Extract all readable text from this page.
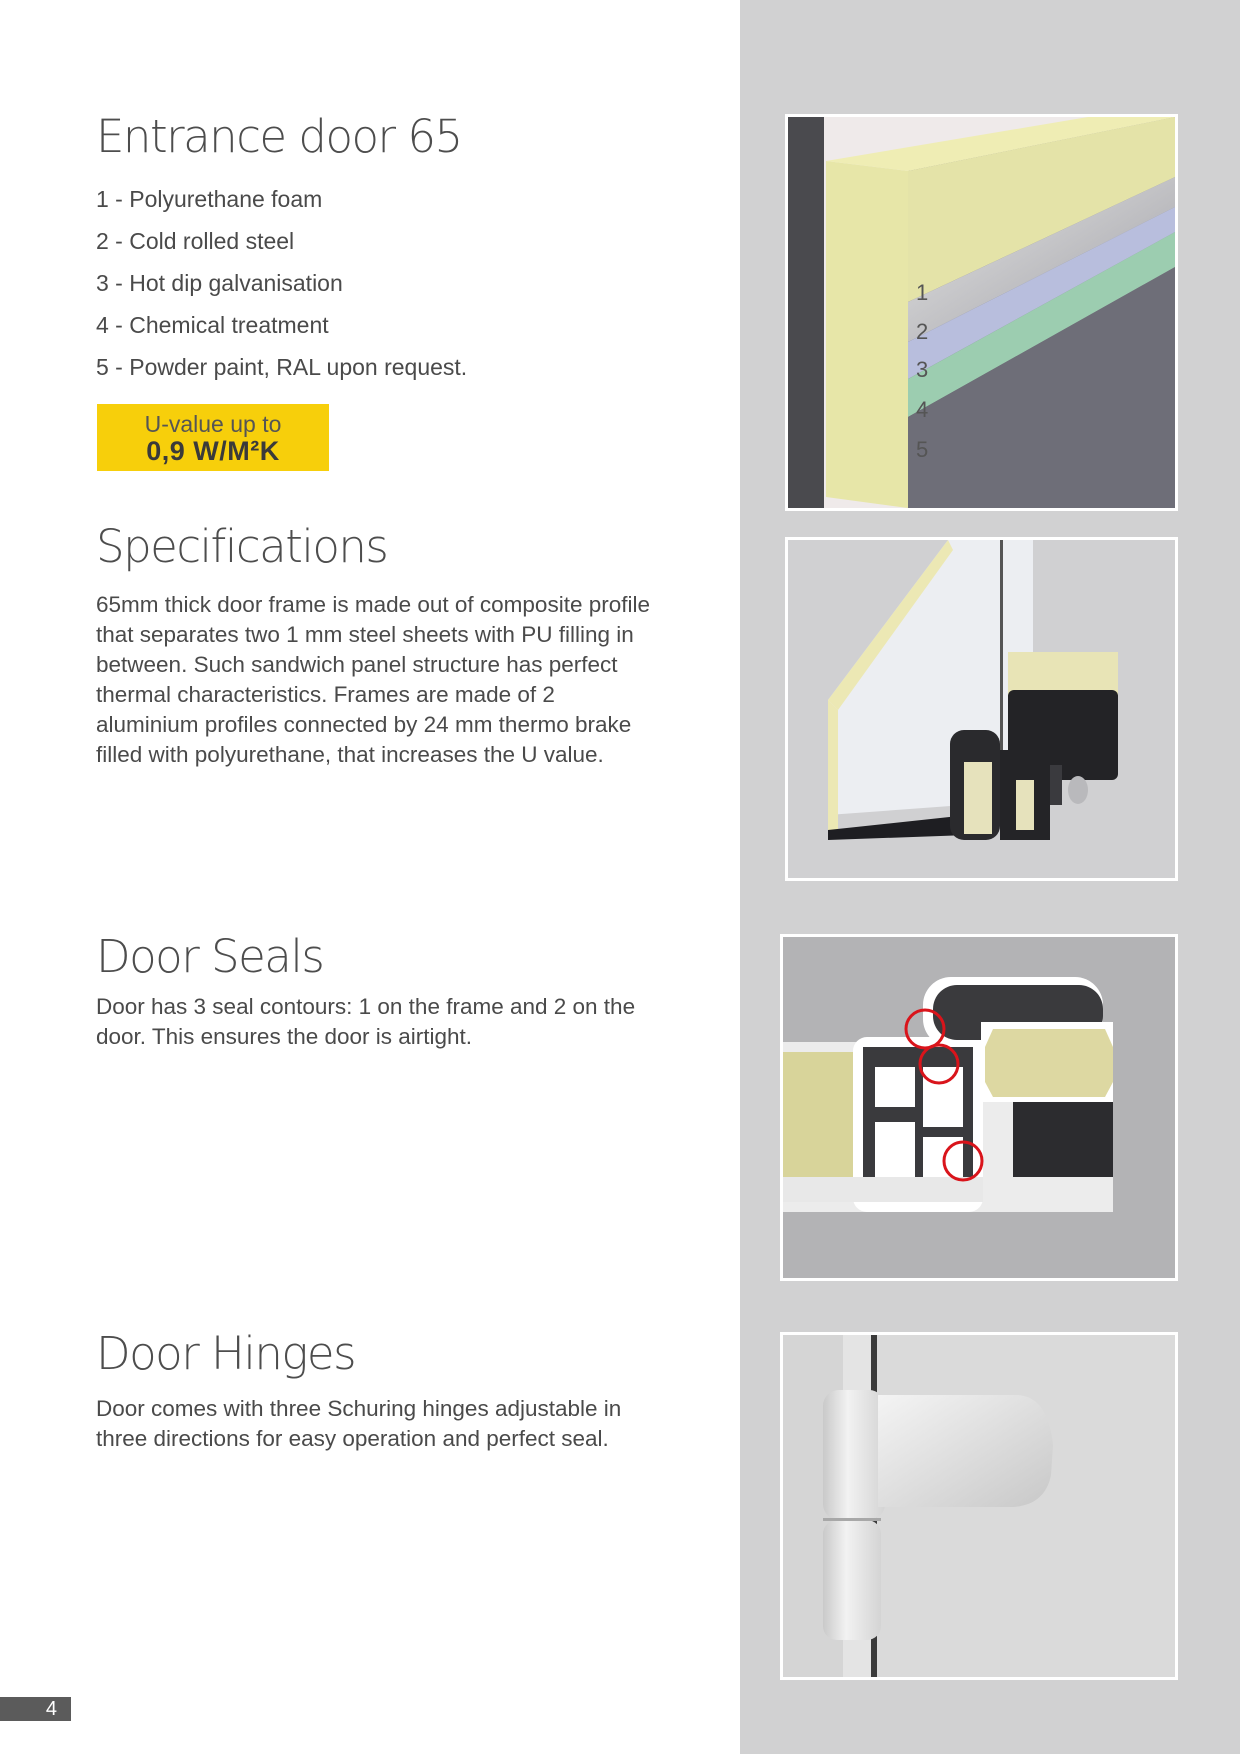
Entrance door 65
1 - Polyurethane foam
2 - Cold rolled steel
3 - Hot dip galvanisation
4 - Chemical treatment
5 - Powder paint, RAL upon request.
U-value up to
0,9 W/M²K
Specifications

65mm thick door frame is made out of composite profile that separates two 1 mm steel sheets with PU filling in between. Such sandwich panel structure has perfect thermal characteristics. Frames are made of 2 aluminium profiles connected by 24 mm thermo brake filled with polyurethane, that increases the U value.

Door Seals

Door has 3 seal contours: 1 on the frame and 2 on the door. This ensures the door is airtight.

Door Hinges

Door comes with three Schuring hinges adjustable in three directions for easy operation and perfect seal.

1
2
3
4
5
4
